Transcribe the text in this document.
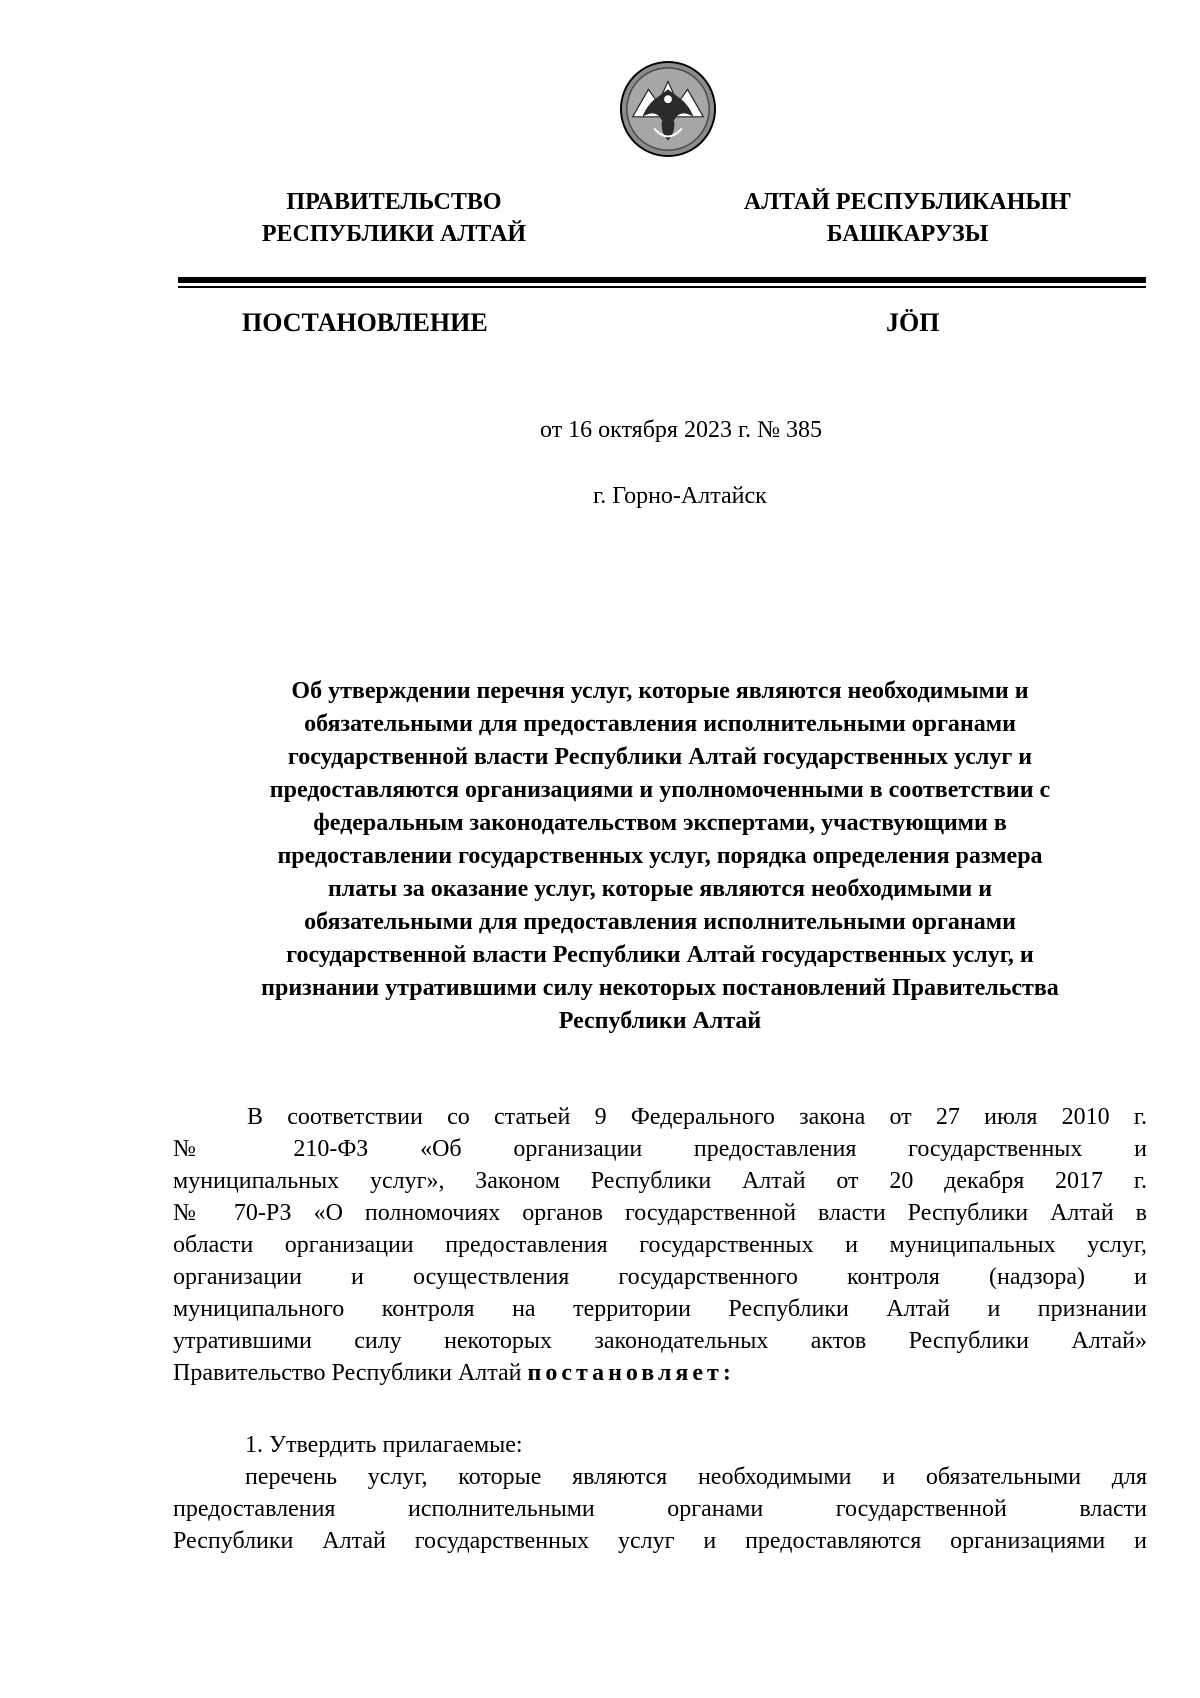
ПРАВИТЕЛЬСТВО
РЕСПУБЛИКИ АЛТАЙ
АЛТАЙ РЕСПУБЛИКАНЫҤ
БАШКАРУЗЫ
ПОСТАНОВЛЕНИЕ	JӦП
от 16 октября 2023 г. № 385
г. Горно-Алтайск
Об утверждении перечня услуг, которые являются необходимыми и
обязательными для предоставления исполнительными органами
государственной власти Республики Алтай государственных услуг и
предоставляются организациями и уполномоченными в соответствии с
федеральным законодательством экспертами, участвующими в
предоставлении государственных услуг, порядка определения размера
платы за оказание услуг, которые являются необходимыми и
обязательными для предоставления исполнительными органами
государственной власти Республики Алтай государственных услуг, и
признании утратившими силу некоторых постановлений Правительства
Республики Алтай
В соответствии со статьей 9 Федерального закона от 27 июля 2010 г.
№ 210-ФЗ «Об организации предоставления государственных и
муниципальных услуг», Законом Республики Алтай от 20 декабря 2017 г.
№ 70-РЗ «О полномочиях органов государственной власти Республики Алтай в
области организации предоставления государственных и муниципальных услуг,
организации и осуществления государственного контроля (надзора) и
муниципального контроля на территории Республики Алтай и признании
утратившими силу некоторых законодательных актов Республики Алтай»
Правительство Республики Алтай постановляет:
1. Утвердить прилагаемые:
перечень услуг, которые являются необходимыми и обязательными для
предоставления исполнительными органами государственной власти
Республики Алтай государственных услуг и предоставляются организациями и
